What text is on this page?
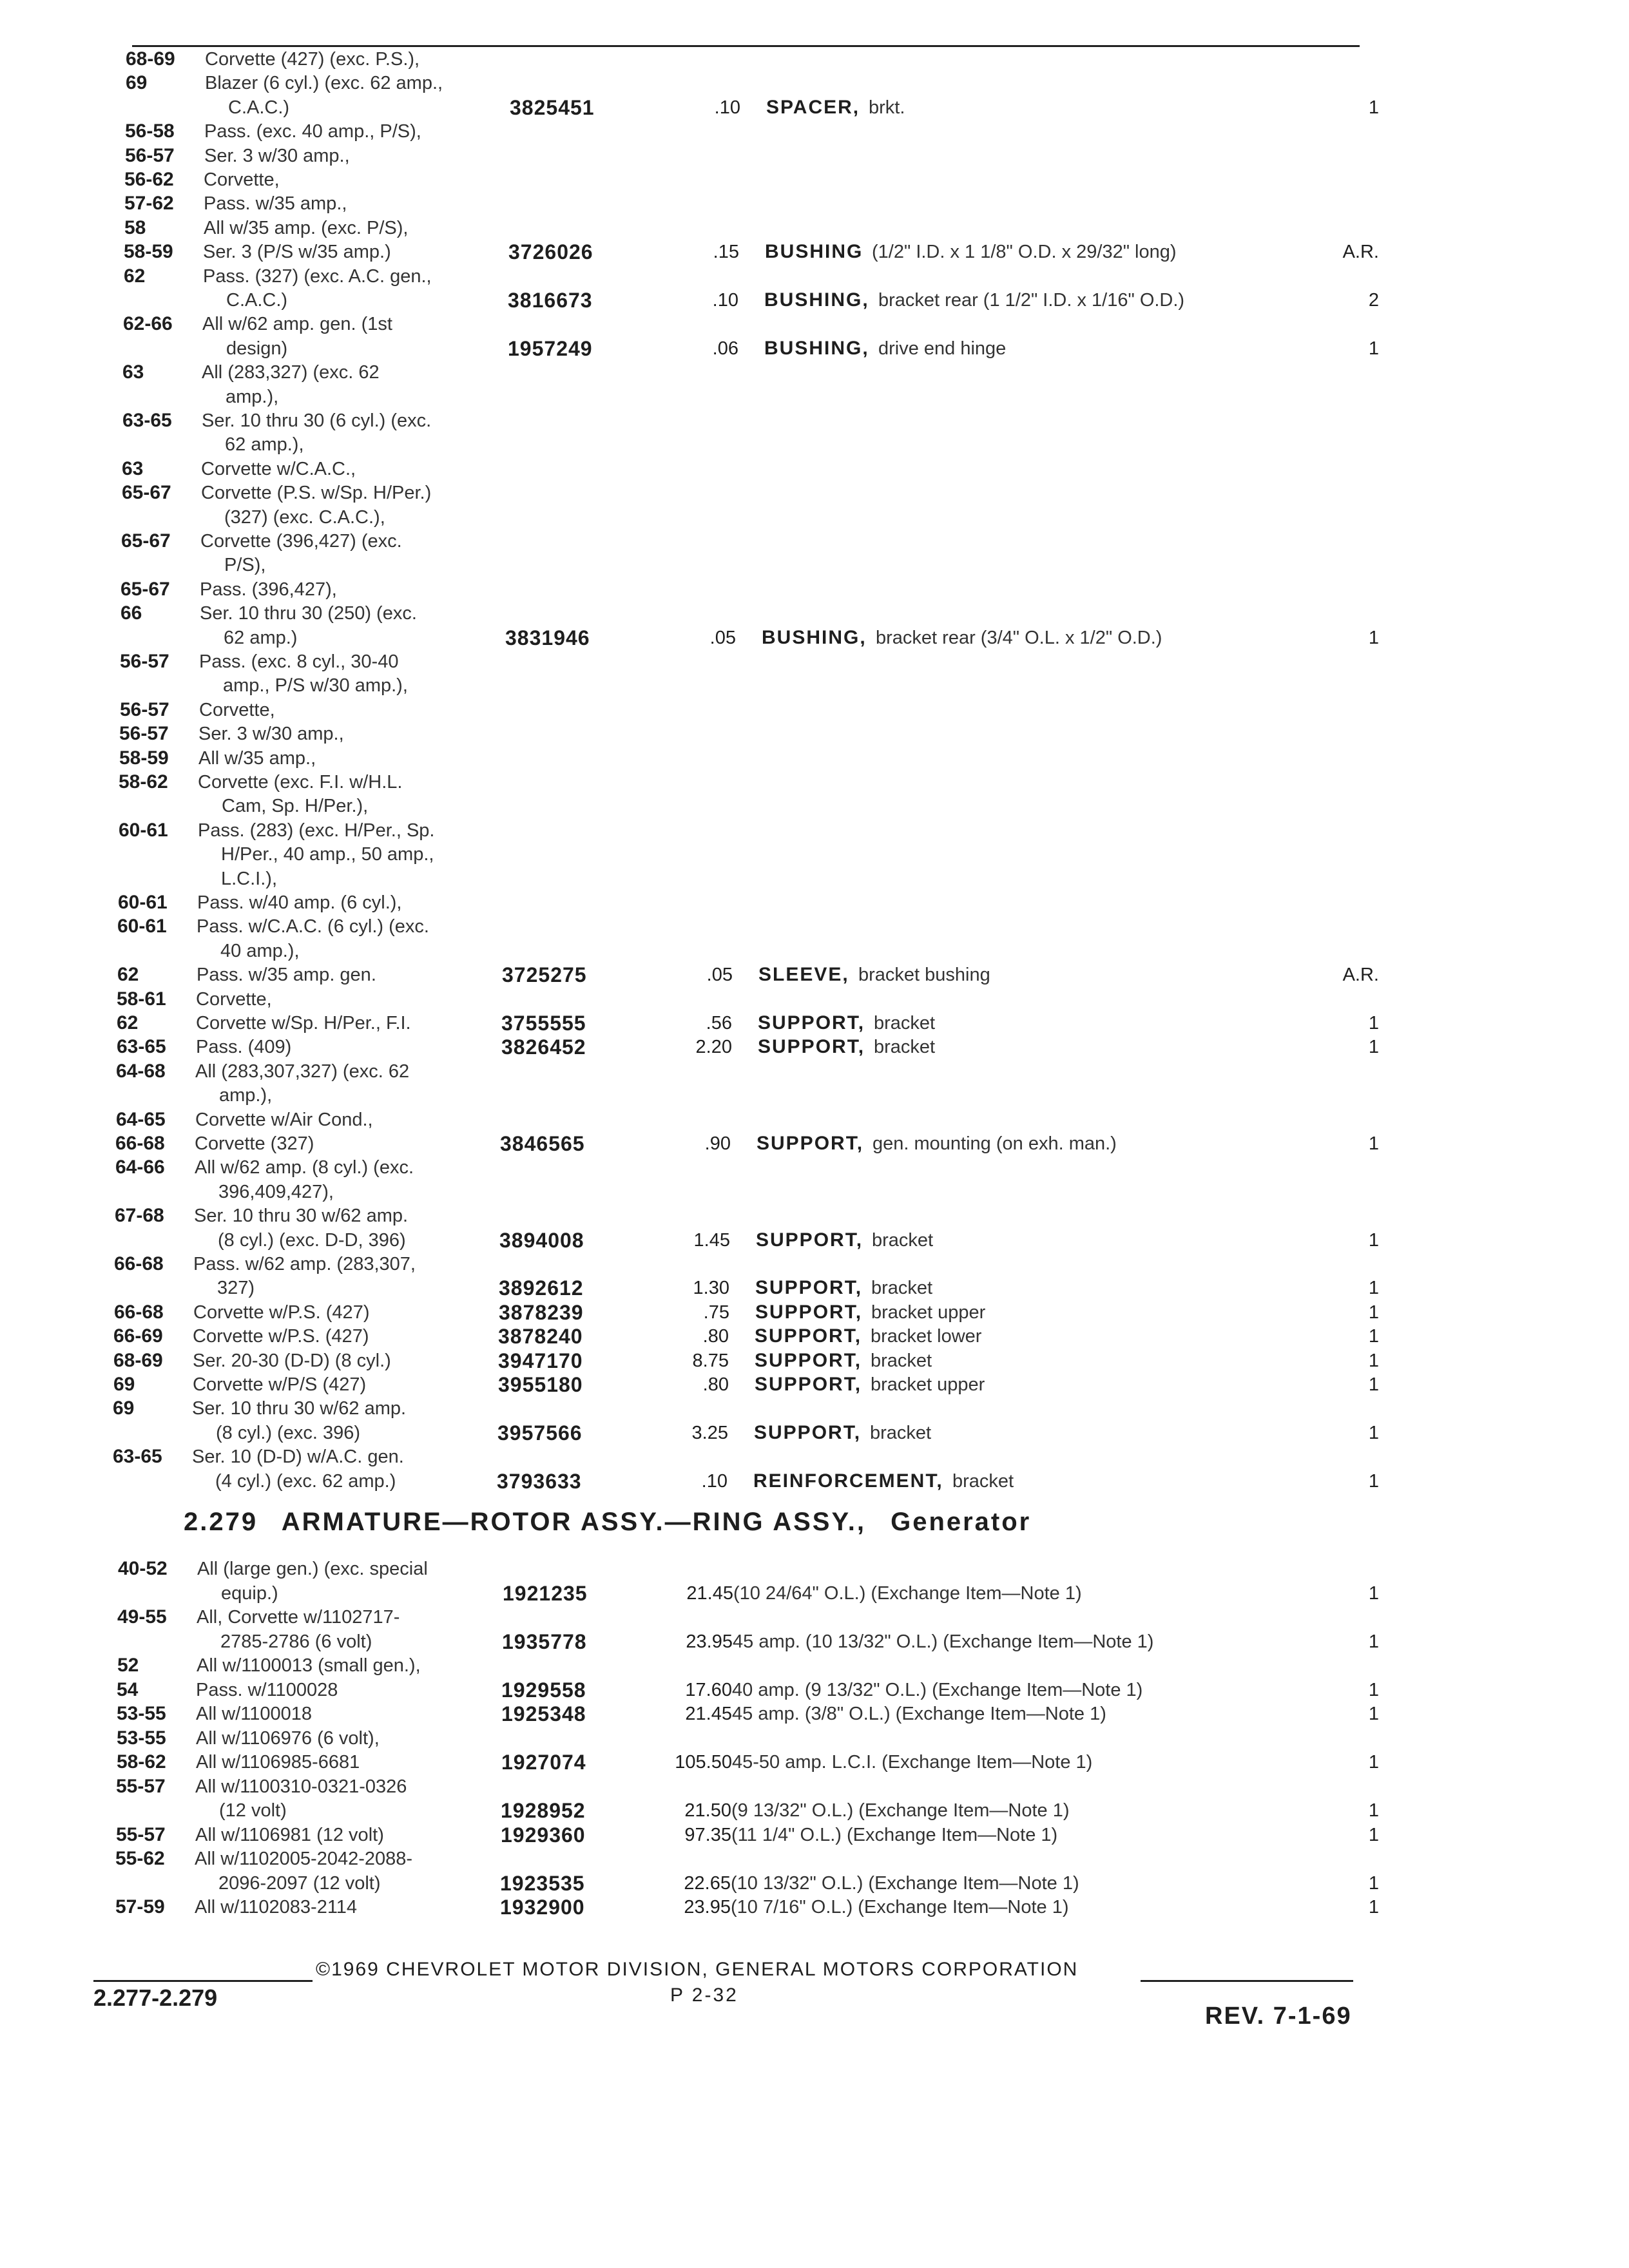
68-69 Corvette (427) (exc. P.S.),
69	Blazer (6 cyl.) (exc. 62 amp.,
C.A.C.)	3825451	.10 SPACER, brkt.	1
56-58 Pass. (exc. 40 amp., P/S),
56-57 Ser. 3 w/30 amp.,
56-62 Corvette,
57-62 Pass. w/35 amp.,
58	All w/35 amp. (exc. P/S),
58-59 Ser. 3 (P/S w/35 amp.)	3726026	.15 BUSHING (1/2" I.D. x 1 1/8" O.D. x 29/32" long)	A.R.
62	Pass. (327) (exc. A.C. gen.,
C.A.C.)	3816673	.10 BUSHING, bracket rear (1 1/2" I.D. x 1/16" O.D.)	2
62-66 All w/62 amp. gen. (1st
design)	1957249	.06 BUSHING, drive end hinge	1
63	All (283,327) (exc. 62
amp.),
63-65 Ser. 10 thru 30 (6 cyl.) (exc.
62 amp.),
63	Corvette w/C.A.C.,
65-67 Corvette (P.S. w/Sp. H/Per.)
(327) (exc. C.A.C.),
65-67 Corvette (396,427) (exc.
P/S),
65-67 Pass. (396,427),
66	Ser. 10 thru 30 (250) (exc.
62 amp.)	3831946	.05 BUSHING, bracket rear (3/4" O.L. x 1/2" O.D.)	1
56-57 Pass. (exc. 8 cyl., 30-40
amp., P/S w/30 amp.),
56-57 Corvette,
56-57 Ser. 3 w/30 amp.,
58-59 All w/35 amp.,
58-62 Corvette (exc. F.I. w/H.L.
Cam, Sp. H/Per.),
60-61 Pass. (283) (exc. H/Per., Sp.
H/Per., 40 amp., 50 amp.,
L.C.I.),
60-61 Pass. w/40 amp. (6 cyl.),
60-61 Pass. w/C.A.C. (6 cyl.) (exc.
40 amp.),
62	Pass. w/35 amp. gen.	3725275	.05 SLEEVE, bracket bushing	A.R.
58-61 Corvette,
62	Corvette w/Sp. H/Per., F.I.	3755555	.56 SUPPORT, bracket	1
63-65 Pass. (409)	3826452	2.20 SUPPORT, bracket	1
64-68 All (283,307,327) (exc. 62
amp.),
64-65 Corvette w/Air Cond.,
66-68 Corvette (327)	3846565	.90 SUPPORT, gen. mounting (on exh. man.)	1
64-66 All w/62 amp. (8 cyl.) (exc.
396,409,427),
67-68 Ser. 10 thru 30 w/62 amp.
(8 cyl.) (exc. D-D, 396)	3894008	1.45 SUPPORT, bracket	1
66-68 Pass. w/62 amp. (283,307,
327)	3892612	1.30 SUPPORT, bracket	1
66-68 Corvette w/P.S. (427)	3878239	.75 SUPPORT, bracket upper	1
66-69 Corvette w/P.S. (427)	3878240	.80 SUPPORT, bracket lower	1
68-69 Ser. 20-30 (D-D) (8 cyl.)	3947170	8.75 SUPPORT, bracket	1
69	Corvette w/P/S (427)	3955180	.80 SUPPORT, bracket upper	1
69	Ser. 10 thru 30 w/62 amp.
(8 cyl.) (exc. 396)	3957566	3.25 SUPPORT, bracket	1
63-65 Ser. 10 (D-D) w/A.C. gen.
(4 cyl.) (exc. 62 amp.)	3793633	.10 REINFORCEMENT, bracket	1
40-52 All (large gen.) (exc. special
equip.)	1921235	21.45 (10 24/64" O.L.) (Exchange Item—Note 1)	1
49-55 All, Corvette w/1102717-
2785-2786 (6 volt)	1935778	23.95 45 amp. (10 13/32" O.L.) (Exchange Item—Note 1)	1
52	All w/1100013 (small gen.),
54	Pass. w/1100028	1929558	17.60 40 amp. (9 13/32" O.L.) (Exchange Item—Note 1)	1
53-55 All w/1100018	1925348	21.45 45 amp. (3/8" O.L.) (Exchange Item—Note 1)	1
53-55 All w/1106976 (6 volt),
58-62 All w/1106985-6681	1927074	105.50 45-50 amp. L.C.I. (Exchange Item—Note 1)	1
55-57 All w/1100310-0321-0326
(12 volt)	1928952	21.50 (9 13/32" O.L.) (Exchange Item—Note 1)	1
55-57 All w/1106981 (12 volt)	1929360	97.35 (11 1/4" O.L.) (Exchange Item—Note 1)	1
55-62 All w/1102005-2042-2088-
2096-2097 (12 volt)	1923535	22.65 (10 13/32" O.L.) (Exchange Item—Note 1)	1
57-59 All w/1102083-2114	1932900	23.95 (10 7/16" O.L.) (Exchange Item—Note 1)	1
2.279 ARMATURE—ROTOR ASSY.—RING ASSY., Generator
©1969 CHEVROLET MOTOR DIVISION, GENERAL MOTORS CORPORATION
2.277-2.279	P 2-32
REV. 7-1-69
